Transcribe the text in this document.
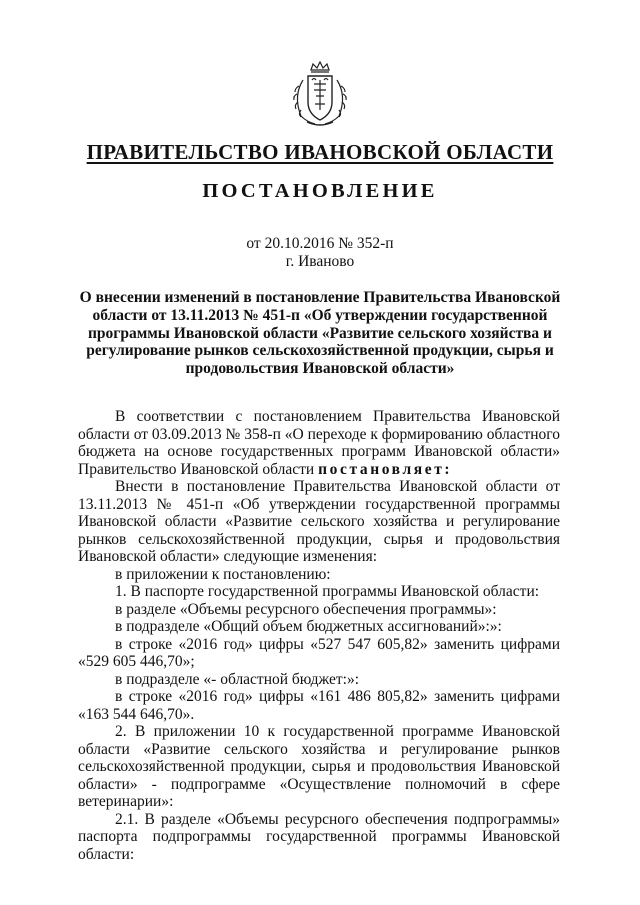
ПРАВИТЕЛЬСТВО ИВАНОВСКОЙ ОБЛАСТИ
ПОСТАНОВЛЕНИЕ
от 20.10.2016 № 352-п
г. Иваново
О внесении изменений в постановление Правительства Ивановской области от 13.11.2013 № 451-п «Об утверждении государственной программы Ивановской области «Развитие сельского хозяйства и регулирование рынков сельскохозяйственной продукции, сырья и продовольствия Ивановской области»

В соответствии с постановлением Правительства Ивановской области от 03.09.2013 № 358-п «О переходе к формированию областного бюджета на основе государственных программ Ивановской области» Правительство Ивановской области постановляет:

Внести в постановление Правительства Ивановской области от 13.11.2013 № 451-п «Об утверждении государственной программы Ивановской области «Развитие сельского хозяйства и регулирование рынков сельскохозяйственной продукции, сырья и продовольствия Ивановской области» следующие изменения:

в приложении к постановлению:

1. В паспорте государственной программы Ивановской области:

в разделе «Объемы ресурсного обеспечения программы»:

в подразделе «Общий объем бюджетных ассигнований»:»:

в строке «2016 год» цифры «527 547 605,82» заменить цифрами «529 605 446,70»;

в подразделе «- областной бюджет:»:

в строке «2016 год» цифры «161 486 805,82» заменить цифрами «163 544 646,70».

2. В приложении 10 к государственной программе Ивановской области «Развитие сельского хозяйства и регулирование рынков сельскохозяйственной продукции, сырья и продовольствия Ивановской области» - подпрограмме «Осуществление полномочий в сфере ветеринарии»:

2.1. В разделе «Объемы ресурсного обеспечения подпрограммы» паспорта подпрограммы государственной программы Ивановской области:
